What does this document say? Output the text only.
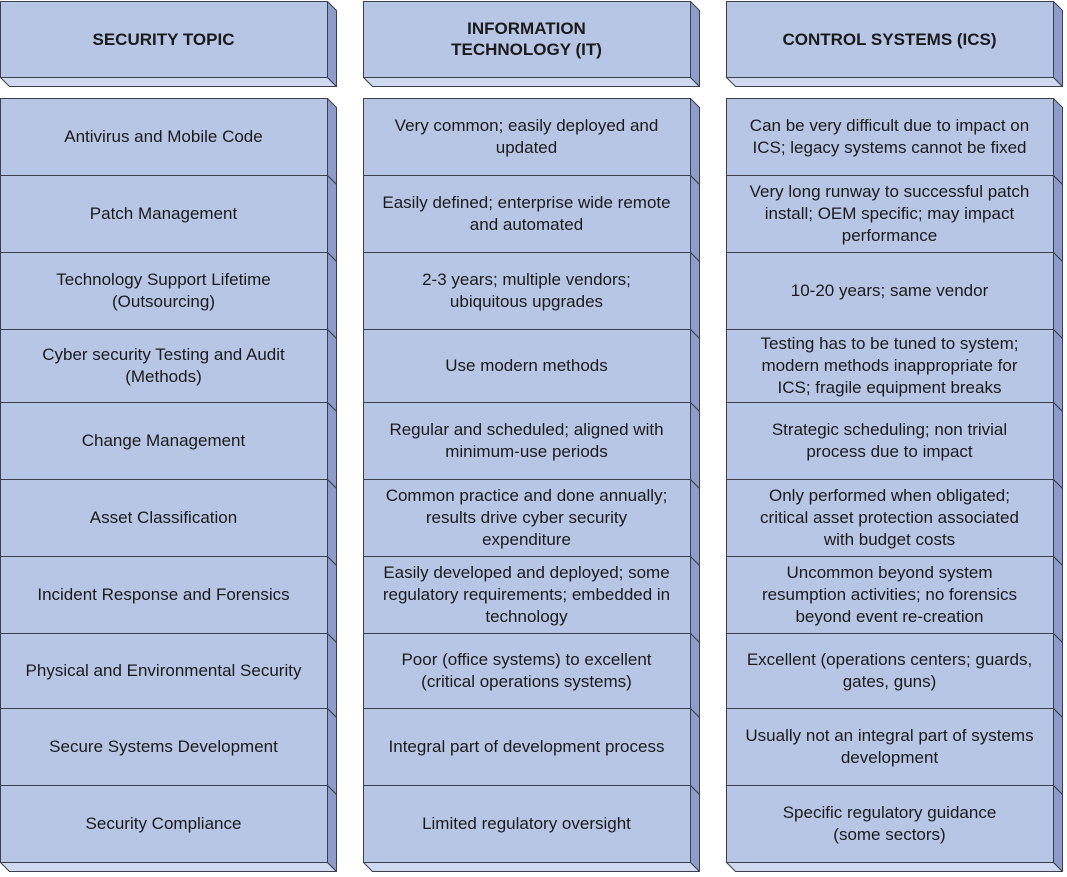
SECURITY TOPIC
INFORMATION
TECHNOLOGY (IT)
CONTROL SYSTEMS (ICS)
Antivirus and Mobile Code
Very common; easily deployed and
updated
Can be very difficult due to impact on
ICS; legacy systems cannot be fixed
Patch Management
Easily defined; enterprise wide remote
and automated
Very long runway to successful patch
install; OEM specific; may impact
performance
Technology Support Lifetime
(Outsourcing)
2-3 years; multiple vendors;
ubiquitous upgrades
10-20 years; same vendor
Cyber security Testing and Audit
(Methods)
Use modern methods
Testing has to be tuned to system;
modern methods inappropriate for
ICS; fragile equipment breaks
Change Management
Regular and scheduled; aligned with
minimum-use periods
Strategic scheduling; non trivial
process due to impact
Asset Classification
Common practice and done annually;
results drive cyber security
expenditure
Only performed when obligated;
critical asset protection associated
with budget costs
Incident Response and Forensics
Easily developed and deployed; some
regulatory requirements; embedded in
technology
Uncommon beyond system
resumption activities; no forensics
beyond event re-creation
Physical and Environmental Security
Poor (office systems) to excellent
(critical operations systems)
Excellent (operations centers; guards,
gates, guns)
Secure Systems Development	Integral part of development process
Usually not an integral part of systems
development
Security Compliance	Limited regulatory oversight
Specific regulatory guidance
(some sectors)
